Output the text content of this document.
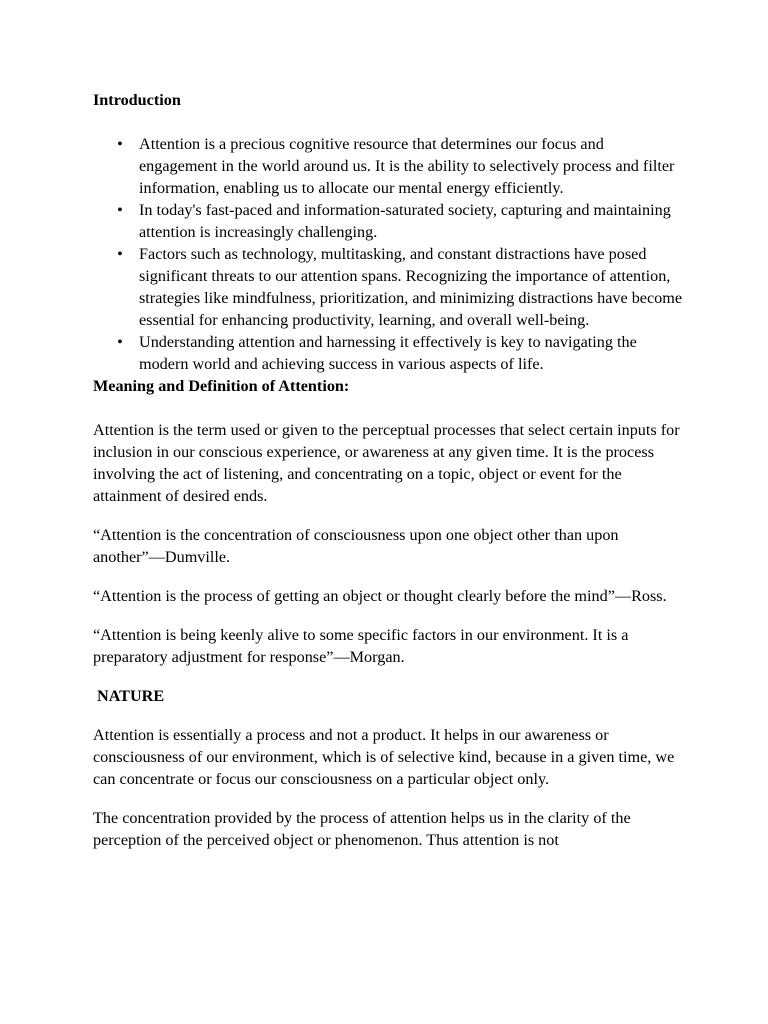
Introduction
• Attention is a precious cognitive resource that determines our focus and engagement in the world around us. It is the ability to selectively process and filter information, enabling us to allocate our mental energy efficiently.
• In today's fast-paced and information-saturated society, capturing and maintaining attention is increasingly challenging.
• Factors such as technology, multitasking, and constant distractions have posed significant threats to our attention spans. Recognizing the importance of attention, strategies like mindfulness, prioritization, and minimizing distractions have become essential for enhancing productivity, learning, and overall well-being.
• Understanding attention and harnessing it effectively is key to navigating the modern world and achieving success in various aspects of life.
Meaning and Definition of Attention:

Attention is the term used or given to the perceptual processes that select certain inputs for inclusion in our conscious experience, or awareness at any given time. It is the process involving the act of listening, and concentrating on a topic, object or event for the attainment of desired ends.

“Attention is the concentration of consciousness upon one object other than upon another”—Dumville.

“Attention is the process of getting an object or thought clearly before the mind”—Ross.

“Attention is being keenly alive to some specific factors in our environment. It is a preparatory adjustment for response”—Morgan.

NATURE

Attention is essentially a process and not a product. It helps in our awareness or consciousness of our environment, which is of selective kind, because in a given time, we can concentrate or focus our consciousness on a particular object only.

The concentration provided by the process of attention helps us in the clarity of the perception of the perceived object or phenomenon. Thus attention is not
